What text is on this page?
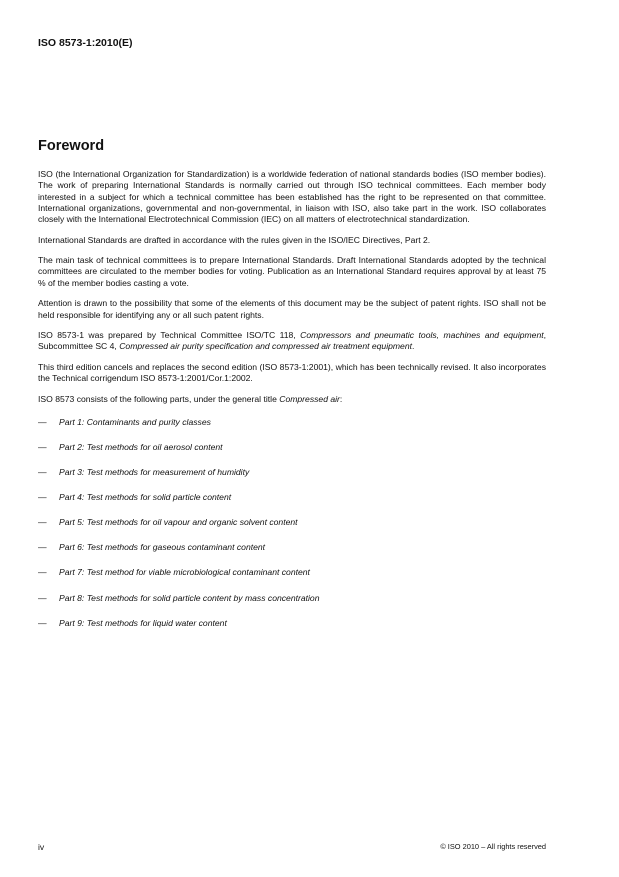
ISO 8573-1:2010(E)
Foreword

ISO (the International Organization for Standardization) is a worldwide federation of national standards bodies (ISO member bodies). The work of preparing International Standards is normally carried out through ISO technical committees. Each member body interested in a subject for which a technical committee has been established has the right to be represented on that committee. International organizations, governmental and non-governmental, in liaison with ISO, also take part in the work. ISO collaborates closely with the International Electrotechnical Commission (IEC) on all matters of electrotechnical standardization.

International Standards are drafted in accordance with the rules given in the ISO/IEC Directives, Part 2.

The main task of technical committees is to prepare International Standards. Draft International Standards adopted by the technical committees are circulated to the member bodies for voting. Publication as an International Standard requires approval by at least 75 % of the member bodies casting a vote.

Attention is drawn to the possibility that some of the elements of this document may be the subject of patent rights. ISO shall not be held responsible for identifying any or all such patent rights.

ISO 8573-1 was prepared by Technical Committee ISO/TC 118, Compressors and pneumatic tools, machines and equipment, Subcommittee SC 4, Compressed air purity specification and compressed air treatment equipment.

This third edition cancels and replaces the second edition (ISO 8573-1:2001), which has been technically revised. It also incorporates the Technical corrigendum ISO 8573-1:2001/Cor.1:2002.

ISO 8573 consists of the following parts, under the general title Compressed air:

—	Part 1: Contaminants and purity classes
—	Part 2: Test methods for oil aerosol content
—	Part 3: Test methods for measurement of humidity
—	Part 4: Test methods for solid particle content
—	Part 5: Test methods for oil vapour and organic solvent content
—	Part 6: Test methods for gaseous contaminant content
—	Part 7: Test method for viable microbiological contaminant content
—	Part 8: Test methods for solid particle content by mass concentration
—	Part 9: Test methods for liquid water content
iv	© ISO 2010 – All rights reserved
